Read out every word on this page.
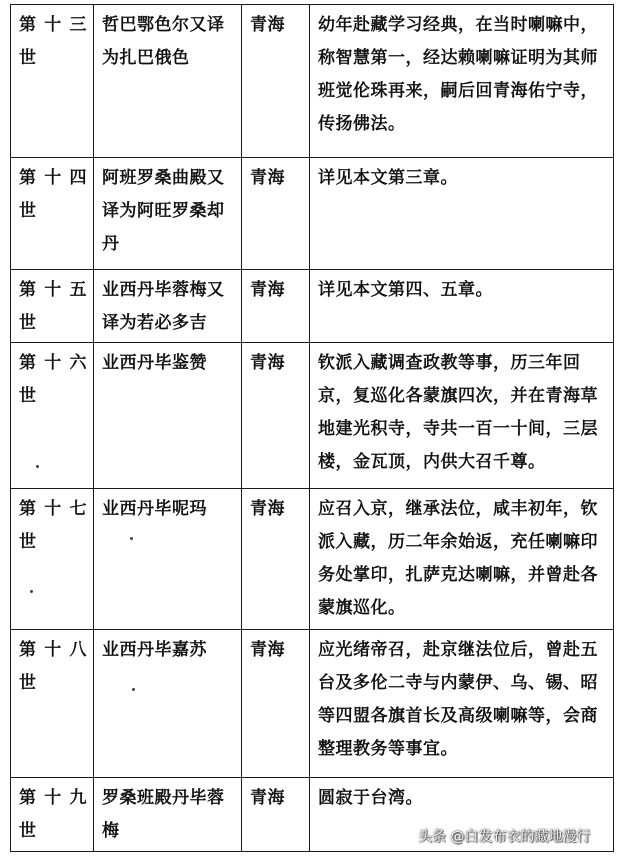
第 十 三
世	哲巴鄂色尔又译为扎巴俄色	青海	幼年赴藏学习经典，在当时喇嘛中，称智慧第一，经达赖喇嘛证明为其师班觉伦珠再来，嗣后回青海佑宁寺，传扬佛法。

第 十 四
世	阿班罗桑曲殿又译为阿旺罗桑却丹	青海	详见本文第三章。

第 十 五
世	业西丹毕蓉梅又译为若必多吉	青海	详见本文第四、五章。

第 十 六
世	业西丹毕鉴赞	青海	钦派入藏调查政教等事，历三年回京，复巡化各蒙旗四次，并在青海草地建光积寺，寺共一百一十间，三层楼，金瓦顶，内供大召千尊。

第 十 七
世	业西丹毕呢玛	青海	应召入京，继承法位，咸丰初年，钦派入藏，历二年余始返，充任喇嘛印务处掌印，扎萨克达喇嘛，并曾赴各蒙旗巡化。

第 十 八
世	业西丹毕嘉苏	青海	应光绪帝召，赴京继法位后，曾赴五台及多伦二寺与内蒙伊、乌、锡、昭等四盟各旗首长及高级喇嘛等，会商整理教务等事宜。

第 十 九
世	罗桑班殿丹毕蓉梅	青海	圆寂于台湾。
头条 @白发布衣的藏地漫行
